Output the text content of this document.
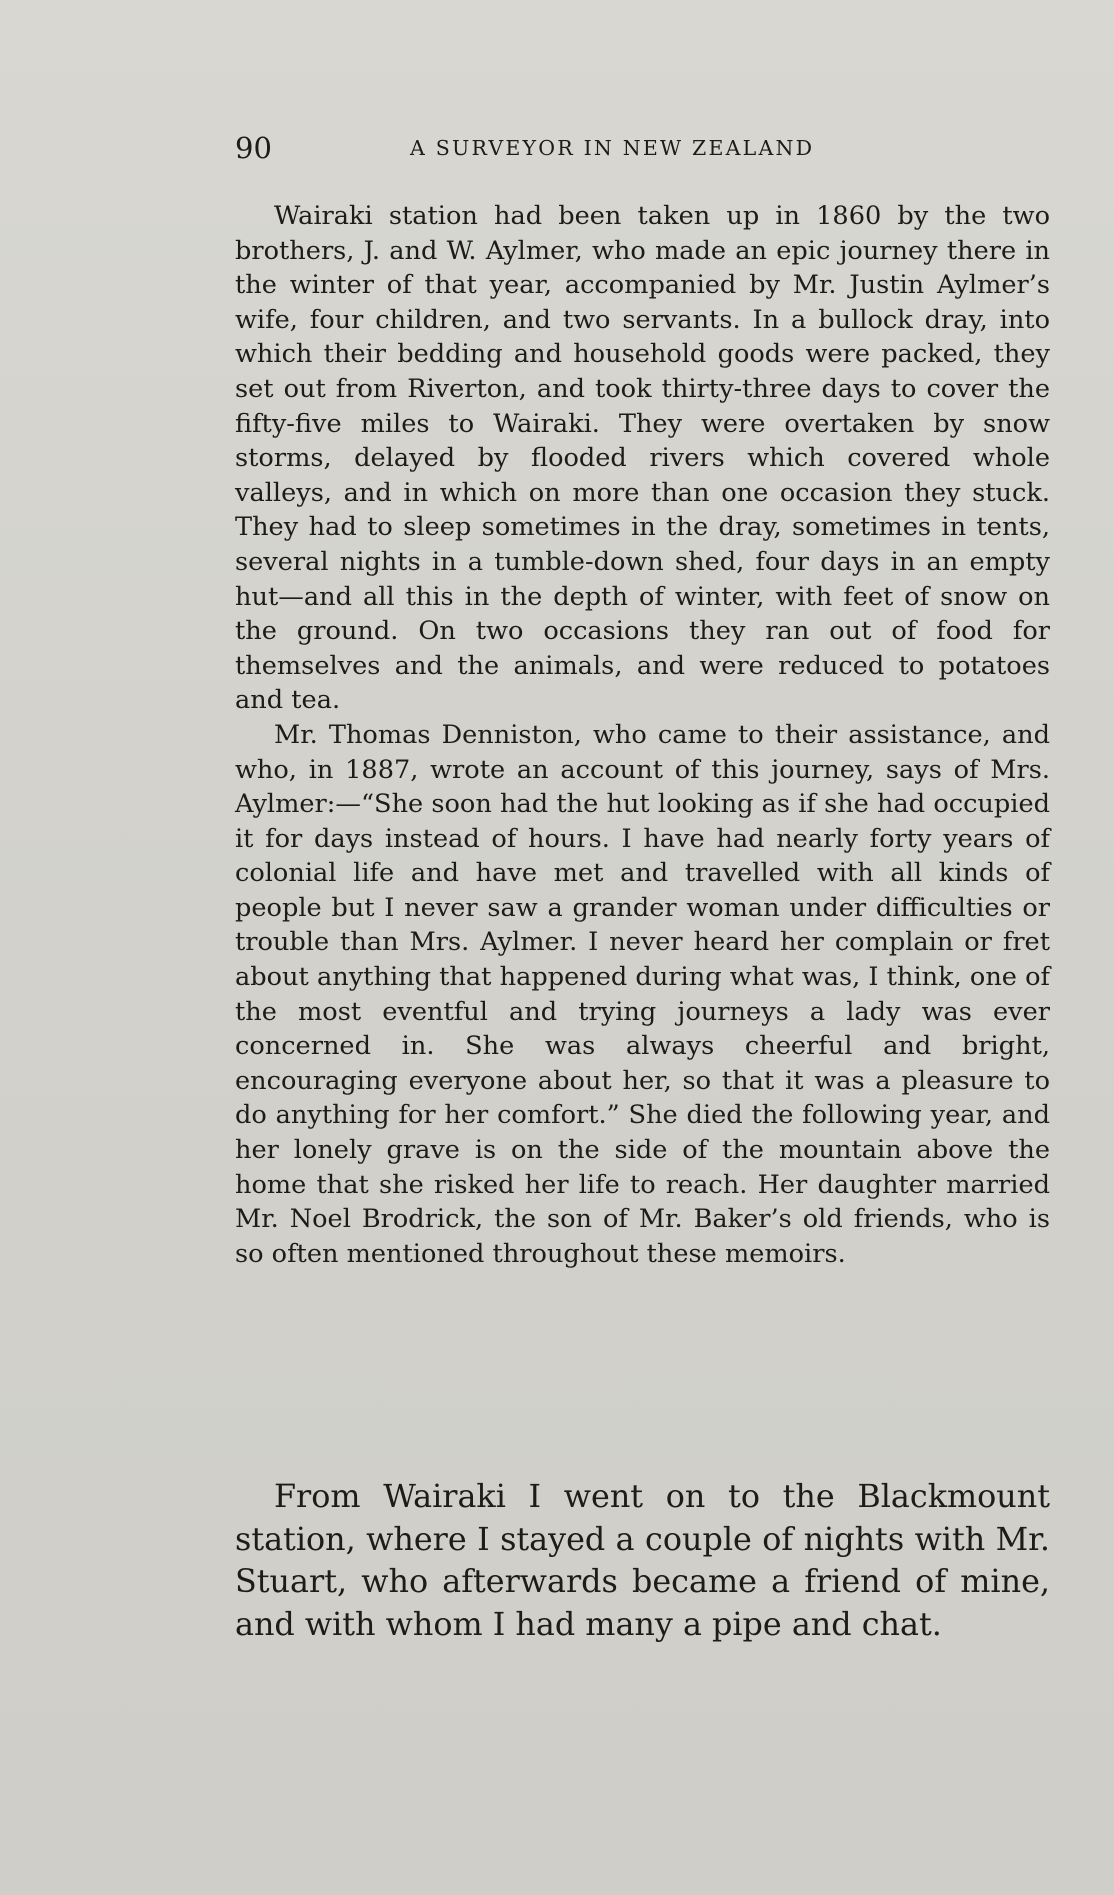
90	A SURVEYOR IN NEW ZEALAND

Wairaki station had been taken up in 1860 by the two brothers, J. and W. Aylmer, who made an epic journey there in the winter of that year, accompanied by Mr. Justin Aylmer’s wife, four children, and two servants. In a bullock dray, into which their bedding and household goods were packed, they set out from Riverton, and took thirty-three days to cover the fifty-five miles to Wairaki. They were overtaken by snow storms, delayed by flooded rivers which covered whole valleys, and in which on more than one occasion they stuck. They had to sleep sometimes in the dray, sometimes in tents, several nights in a tumble-down shed, four days in an empty hut—and all this in the depth of winter, with feet of snow on the ground. On two occasions they ran out of food for themselves and the animals, and were reduced to potatoes and tea.

Mr. Thomas Denniston, who came to their assistance, and who, in 1887, wrote an account of this journey, says of Mrs. Aylmer:—“She soon had the hut looking as if she had occupied it for days instead of hours. I have had nearly forty years of colonial life and have met and travelled with all kinds of people but I never saw a grander woman under difficulties or trouble than Mrs. Aylmer. I never heard her complain or fret about anything that happened during what was, I think, one of the most eventful and trying journeys a lady was ever concerned in. She was always cheerful and bright, encouraging everyone about her, so that it was a pleasure to do anything for her comfort.” She died the following year, and her lonely grave is on the side of the mountain above the home that she risked her life to reach. Her daughter married Mr. Noel Brodrick, the son of Mr. Baker’s old friends, who is so often mentioned throughout these memoirs.

From Wairaki I went on to the Blackmount station, where I stayed a couple of nights with Mr. Stuart, who afterwards became a friend of mine, and with whom I had many a pipe and chat.
